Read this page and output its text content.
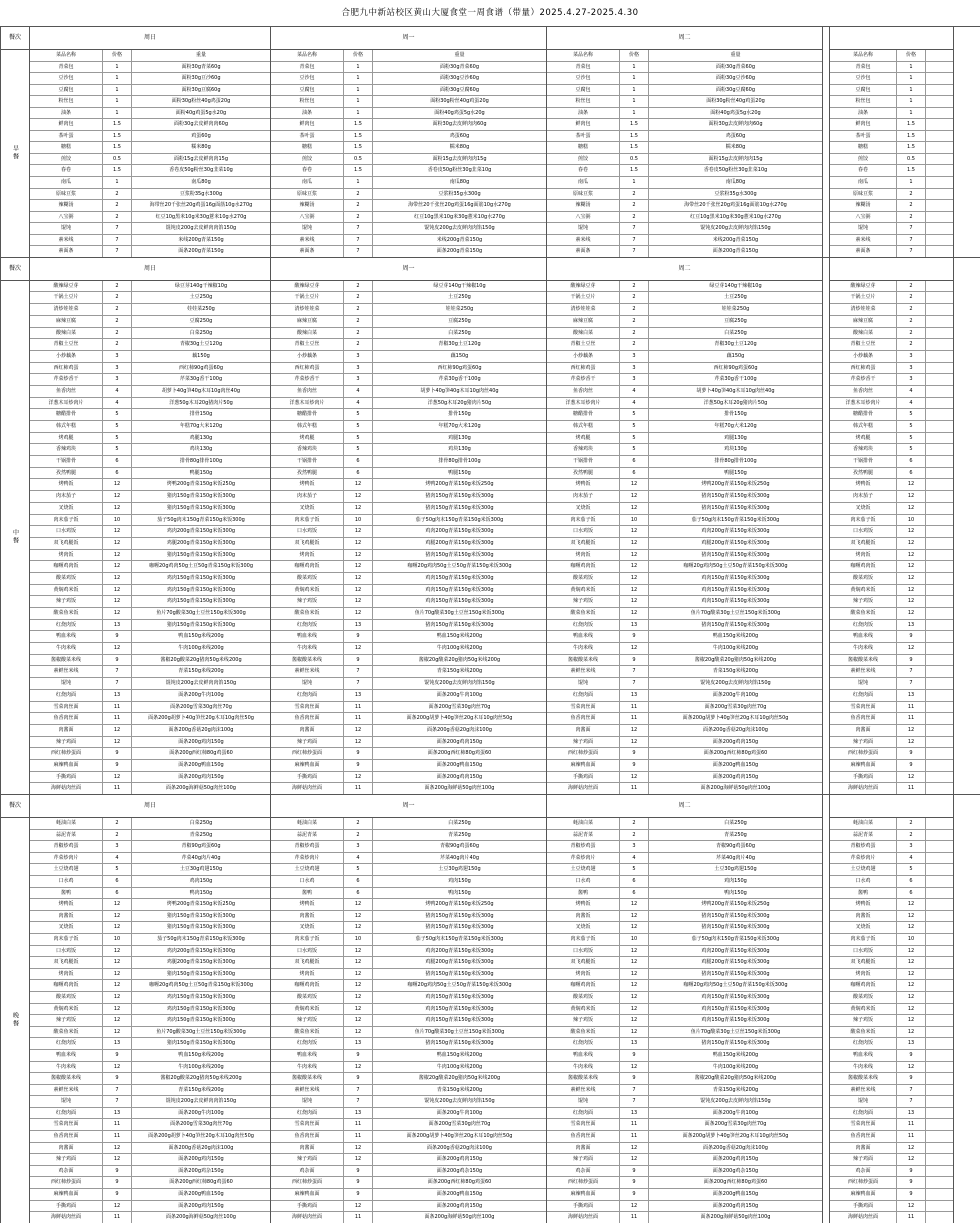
合肥九中新站校区黄山大厦食堂一周食谱（带量）2025.4.27-2025.4.30
餐次
早餐
周日
菜品名称	价格	重量
青菜包	1	面粉30g青菜60g
豆沙包	1	面粉30g豆沙60g
豆腐包	1	面粉30g豆腐60g
粉丝包	1	面粉30g粉丝40g鸡蛋20g
油条	1	面粉40g鸡蛋5g水20g
鲜肉包	1.5	面粉30g去皮鲜肉肉60g
茶叶蛋	1.5	鸡蛋60g
糖糕	1.5	糯米80g
煎饺	0.5	面粉15g去皮鲜肉肉15g
春卷	1.5	香卷皮50g粉丝30g韭菜10g
南瓜	1	南瓜80g
原味豆浆	2	豆浆粉35g水300g
辣糊汤	2	海带丝20千张丝20g鸡蛋16g面筋10g水270g
八宝粥	2	红豆10g黑米10g米30g薏米10g水270g
馄饨	7	馄饨皮200g去皮鲜肉肉馅150g
素米线	7	米线200g青菜150g
素面条	7	面条200g青菜150g
周一
菜品名称	价格	重量
青菜包	1	面粉30g青菜60g
豆沙包	1	面粉30g豆沙60g
豆腐包	1	面粉30g豆腐60g
粉丝包	1	面粉30g粉丝40g鸡蛋20g
油条	1	面粉40g鸡蛋5g水20g
鲜肉包	1.5	面粉30g去皮鲜肉肉60g
茶叶蛋	1.5	鸡蛋60g
糖糕	1.5	糯米80g
煎饺	0.5	面粉15g去皮鲜肉肉15g
春卷	1.5	香卷皮50g粉丝30g韭菜10g
南瓜	1	南瓜80g
原味豆浆	2	豆浆粉35g水300g
辣糊汤	2	海带丝20千张丝20g鸡蛋16g面筋10g水270g
八宝粥	2	红豆10g黑米10g米30g薏米10g水270g
馄饨	7	馄饨皮200g去皮鲜肉肉馅150g
素米线	7	米线200g青菜150g
素面条	7	面条200g青菜150g
周二
菜品名称	价格	重量
青菜包	1	面粉30g青菜60g
豆沙包	1	面粉30g豆沙60g
豆腐包	1	面粉30g豆腐60g
粉丝包	1	面粉30g粉丝40g鸡蛋20g
油条	1	面粉40g鸡蛋5g水20g
鲜肉包	1.5	面粉30g去皮鲜肉肉60g
茶叶蛋	1.5	鸡蛋60g
糖糕	1.5	糯米80g
煎饺	0.5	面粉15g去皮鲜肉肉15g
春卷	1.5	香卷皮50g粉丝30g韭菜10g
南瓜	1	南瓜80g
原味豆浆	2	豆浆粉35g水300g
辣糊汤	2	海带丝20千张丝20g鸡蛋16g面筋10g水270g
八宝粥	2	红豆10g黑米10g米30g薏米10g水270g
馄饨	7	馄饨皮200g去皮鲜肉肉馅150g
素米线	7	米线200g青菜150g
素面条	7	面条200g青菜150g
菜品名称	价格
青菜包	1
豆沙包	1
豆腐包	1
粉丝包	1
油条	1
鲜肉包	1.5
茶叶蛋	1.5
糖糕	1.5
煎饺	0.5
春卷	1.5
南瓜	1
原味豆浆	2
辣糊汤	2
八宝粥	2
馄饨	7
素米线	7
素面条	7
餐次
中餐
周日
酸辣绿豆芽	2	绿豆芽140g干辣椒10g
干锅土豆片	2	土豆250g
清炒娃娃菜	2	娃娃菜250g
麻辣豆腐	2	豆腐250g
酸辣白菜	2	白菜250g
青椒土豆丝	2	青椒30g土豆120g
小炒藕条	3	藕150g
西红柿鸡蛋	3	西红柿90g鸡蛋60g
芹菜炒香干	3	芹菜30g香干100g
鱼香肉丝	4	胡萝卜40g笋40g木耳10g肉丝40g
洋葱木耳炒肉片	4	洋葱50g木耳20g猪肉片50g
糖醋排骨	5	排骨150g
韩式年糕	5	年糕70g大米120g
烤鸡腿	5	鸡腿130g
香辣鸡块	5	鸡块130g
干锅排骨	6	排骨80g排骨100g
孜然鸭腿	6	鸭腿150g
烤鸭饭	12	烤鸭200g青菜150g米饭250g
肉末茄子	12	猪肉150g青菜150g米饭300g
叉烧饭	12	猪肉150g青菜150g米饭300g
肉末茄子饭	10	茄子50g肉末150g青菜150g米饭300g
口水鸡饭	12	鸡肉200g青菜150g米饭300g
双飞鸡腿饭	12	鸡腿200g青菜150g米饭300g
烤肉饭	12	猪肉150g青菜150g米饭300g
咖喱鸡肉饭	12	咖喱20g鸡肉50g土豆50g青菜150g米饭300g
酸菜鸡饭	12	鸡肉150g青菜150g米饭300g
黄焖鸡米饭	12	鸡肉150g青菜150g米饭300g
辣子鸡饭	12	鸡肉150g青菜150g米饭300g
酸菜鱼米饭	12	鱼片70g酸菜30g土豆丝150g米饭300g
红烧肉饭	13	猪肉150g青菜150g米饭300g
鸭血米线	9	鸭血150g米线200g
牛肉米线	12	牛肉100g米线200g
酱椒酸菜米线	9	酱椒20g酸菜20g猪肉50g米线200g
素鲜丝米线	7	青菜150g米线200g
馄饨	7	馄饨皮200g去皮鲜肉肉馅150g
红烧肉面	13	面条200g牛肉100g
雪菜肉丝面	11	面条200g雪菜30g肉丝70g
鱼香肉丝面	11	面条200g胡萝卜40g笋丝20g木耳10g肉丝50g
肉酱面	12	面条200g香菇20g肉沫100g
辣子鸡面	12	面条200g鸡肉150g
西红柿炒蛋面	9	面条200g西红柿80g鸡蛋60
麻辣鸭血面	9	面条200g鸭血150g
手撕鸡面	12	面条200g鸡肉150g
海鲜菇肉丝面	11	面条200g海鲜菇50g肉丝100g
周一
酸辣绿豆芽	2	绿豆芽140g干辣椒10g
干锅土豆片	2	土豆250g
清炒娃娃菜	2	娃娃菜250g
麻辣豆腐	2	豆腐250g
酸辣白菜	2	白菜250g
青椒土豆丝	2	青椒30g土豆120g
小炒藕条	3	藕150g
西红柿鸡蛋	3	西红柿90g鸡蛋60g
芹菜炒香干	3	芹菜30g香干100g
鱼香肉丝	4	胡萝卜40g笋40g木耳10g肉丝40g
洋葱木耳炒肉片	4	洋葱50g木耳20g猪肉片50g
糖醋排骨	5	排骨150g
韩式年糕	5	年糕70g大米120g
烤鸡腿	5	鸡腿130g
香辣鸡块	5	鸡块130g
干锅排骨	6	排骨80g排骨100g
孜然鸭腿	6	鸭腿150g
烤鸭饭	12	烤鸭200g青菜150g米饭250g
肉末茄子	12	猪肉150g青菜150g米饭300g
叉烧饭	12	猪肉150g青菜150g米饭300g
肉末茄子饭	10	茄子50g肉末150g青菜150g米饭300g
口水鸡饭	12	鸡肉200g青菜150g米饭300g
双飞鸡腿饭	12	鸡腿200g青菜150g米饭300g
烤肉饭	12	猪肉150g青菜150g米饭300g
咖喱鸡肉饭	12	咖喱20g鸡肉50g土豆50g青菜150g米饭300g
酸菜鸡饭	12	鸡肉150g青菜150g米饭300g
黄焖鸡米饭	12	鸡肉150g青菜150g米饭300g
辣子鸡饭	12	鸡肉150g青菜150g米饭300g
酸菜鱼米饭	12	鱼片70g酸菜30g土豆丝150g米饭300g
红烧肉饭	13	猪肉150g青菜150g米饭300g
鸭血米线	9	鸭血150g米线200g
牛肉米线	12	牛肉100g米线200g
酱椒酸菜米线	9	酱椒20g酸菜20g猪肉50g米线200g
素鲜丝米线	7	青菜150g米线200g
馄饨	7	馄饨皮200g去皮鲜肉肉馅150g
红烧肉面	13	面条200g牛肉100g
雪菜肉丝面	11	面条200g雪菜30g肉丝70g
鱼香肉丝面	11	面条200g胡萝卜40g笋丝20g木耳10g肉丝50g
肉酱面	12	面条200g香菇20g肉沫100g
辣子鸡面	12	面条200g鸡肉150g
西红柿炒蛋面	9	面条200g西红柿80g鸡蛋60
麻辣鸭血面	9	面条200g鸭血150g
手撕鸡面	12	面条200g鸡肉150g
海鲜菇肉丝面	11	面条200g海鲜菇50g肉丝100g
周二
酸辣绿豆芽	2	绿豆芽140g干辣椒10g
干锅土豆片	2	土豆250g
清炒娃娃菜	2	娃娃菜250g
麻辣豆腐	2	豆腐250g
酸辣白菜	2	白菜250g
青椒土豆丝	2	青椒30g土豆120g
小炒藕条	3	藕150g
西红柿鸡蛋	3	西红柿90g鸡蛋60g
芹菜炒香干	3	芹菜30g香干100g
鱼香肉丝	4	胡萝卜40g笋40g木耳10g肉丝40g
洋葱木耳炒肉片	4	洋葱50g木耳20g猪肉片50g
糖醋排骨	5	排骨150g
韩式年糕	5	年糕70g大米120g
烤鸡腿	5	鸡腿130g
香辣鸡块	5	鸡块130g
干锅排骨	6	排骨80g排骨100g
孜然鸭腿	6	鸭腿150g
烤鸭饭	12	烤鸭200g青菜150g米饭250g
肉末茄子	12	猪肉150g青菜150g米饭300g
叉烧饭	12	猪肉150g青菜150g米饭300g
肉末茄子饭	10	茄子50g肉末150g青菜150g米饭300g
口水鸡饭	12	鸡肉200g青菜150g米饭300g
双飞鸡腿饭	12	鸡腿200g青菜150g米饭300g
烤肉饭	12	猪肉150g青菜150g米饭300g
咖喱鸡肉饭	12	咖喱20g鸡肉50g土豆50g青菜150g米饭300g
酸菜鸡饭	12	鸡肉150g青菜150g米饭300g
黄焖鸡米饭	12	鸡肉150g青菜150g米饭300g
辣子鸡饭	12	鸡肉150g青菜150g米饭300g
酸菜鱼米饭	12	鱼片70g酸菜30g土豆丝150g米饭300g
红烧肉饭	13	猪肉150g青菜150g米饭300g
鸭血米线	9	鸭血150g米线200g
牛肉米线	12	牛肉100g米线200g
酱椒酸菜米线	9	酱椒20g酸菜20g猪肉50g米线200g
素鲜丝米线	7	青菜150g米线200g
馄饨	7	馄饨皮200g去皮鲜肉肉馅150g
红烧肉面	13	面条200g牛肉100g
雪菜肉丝面	11	面条200g雪菜30g肉丝70g
鱼香肉丝面	11	面条200g胡萝卜40g笋丝20g木耳10g肉丝50g
肉酱面	12	面条200g香菇20g肉沫100g
辣子鸡面	12	面条200g鸡肉150g
西红柿炒蛋面	9	面条200g西红柿80g鸡蛋60
麻辣鸭血面	9	面条200g鸭血150g
手撕鸡面	12	面条200g鸡肉150g
海鲜菇肉丝面	11	面条200g海鲜菇50g肉丝100g
酸辣绿豆芽	2
干锅土豆片	2
清炒娃娃菜	2
麻辣豆腐	2
酸辣白菜	2
青椒土豆丝	2
小炒藕条	3
西红柿鸡蛋	3
芹菜炒香干	3
鱼香肉丝	4
洋葱木耳炒肉片	4
糖醋排骨	5
韩式年糕	5
烤鸡腿	5
香辣鸡块	5
干锅排骨	6
孜然鸭腿	6
烤鸭饭	12
肉末茄子	12
叉烧饭	12
肉末茄子饭	10
口水鸡饭	12
双飞鸡腿饭	12
烤肉饭	12
咖喱鸡肉饭	12
酸菜鸡饭	12
黄焖鸡米饭	12
辣子鸡饭	12
酸菜鱼米饭	12
红烧肉饭	13
鸭血米线	9
牛肉米线	12
酱椒酸菜米线	9
素鲜丝米线	7
馄饨	7
红烧肉面	13
雪菜肉丝面	11
鱼香肉丝面	11
肉酱面	12
辣子鸡面	12
西红柿炒蛋面	9
麻辣鸭血面	9
手撕鸡面	12
海鲜菇肉丝面	11
餐次
晚餐
周日
蚝油白菜	2	白菜250g
蒜泥青菜	2	青菜250g
青椒炒鸡蛋	3	青椒90g鸡蛋60g
芹菜炒肉片	4	芹菜40g肉片40g
土豆烧鸡翅	5	土豆30g鸡翅150g
口水鸡	6	鸡肉150g
酱鸭	6	鸭肉150g
烤鸭饭	12	烤鸭200g青菜150g米饭250g
肉酱饭	12	猪肉150g青菜150g米饭300g
叉烧饭	12	猪肉150g青菜150g米饭300g
肉末茄子饭	10	茄子50g肉末150g青菜150g米饭300g
口水鸡饭	12	鸡肉200g青菜150g米饭300g
双飞鸡腿饭	12	鸡腿200g青菜150g米饭300g
烤肉饭	12	猪肉150g青菜150g米饭300g
咖喱鸡肉饭	12	咖喱20g鸡肉50g土豆50g青菜150g米饭300g
酸菜鸡饭	12	鸡肉150g青菜150g米饭300g
黄焖鸡米饭	12	鸡肉150g青菜150g米饭300g
辣子鸡饭	12	鸡肉150g青菜150g米饭300g
酸菜鱼米饭	12	鱼片70g酸菜30g土豆丝150g米饭300g
红烧肉饭	13	猪肉150g青菜150g米饭300g
鸭血米线	9	鸭血150g米线200g
牛肉米线	12	牛肉100g米线200g
酱椒酸菜米线	9	酱椒20g酸菜20g猪肉50g米线200g
素鲜丝米线	7	青菜150g米线200g
馄饨	7	馄饨皮200g去皮鲜肉肉馅150g
红烧肉面	13	面条200g牛肉100g
雪菜肉丝面	11	面条200g雪菜30g肉丝70g
鱼香肉丝面	11	面条200g胡萝卜40g笋丝20g木耳10g肉丝50g
肉酱面	12	面条200g香菇20g肉沫100g
辣子鸡面	12	面条200g鸡肉150g
鸡杂面	9	面条200g鸡杂150g
西红柿炒蛋面	9	面条200g西红柿80g鸡蛋60
麻辣鸭血面	9	面条200g鸭血150g
手撕鸡面	12	面条200g鸡肉150g
海鲜菇肉丝面	11	面条200g海鲜菇50g肉丝100g
周一
蚝油白菜	2	白菜250g
蒜泥青菜	2	青菜250g
青椒炒鸡蛋	3	青椒90g鸡蛋60g
芹菜炒肉片	4	芹菜40g肉片40g
土豆烧鸡翅	5	土豆30g鸡翅150g
口水鸡	6	鸡肉150g
酱鸭	6	鸭肉150g
烤鸭饭	12	烤鸭200g青菜150g米饭250g
肉酱饭	12	猪肉150g青菜150g米饭300g
叉烧饭	12	猪肉150g青菜150g米饭300g
肉末茄子饭	10	茄子50g肉末150g青菜150g米饭300g
口水鸡饭	12	鸡肉200g青菜150g米饭300g
双飞鸡腿饭	12	鸡腿200g青菜150g米饭300g
烤肉饭	12	猪肉150g青菜150g米饭300g
咖喱鸡肉饭	12	咖喱20g鸡肉50g土豆50g青菜150g米饭300g
酸菜鸡饭	12	鸡肉150g青菜150g米饭300g
黄焖鸡米饭	12	鸡肉150g青菜150g米饭300g
辣子鸡饭	12	鸡肉150g青菜150g米饭300g
酸菜鱼米饭	12	鱼片70g酸菜30g土豆丝150g米饭300g
红烧肉饭	13	猪肉150g青菜150g米饭300g
鸭血米线	9	鸭血150g米线200g
牛肉米线	12	牛肉100g米线200g
酱椒酸菜米线	9	酱椒20g酸菜20g猪肉50g米线200g
素鲜丝米线	7	青菜150g米线200g
馄饨	7	馄饨皮200g去皮鲜肉肉馅150g
红烧肉面	13	面条200g牛肉100g
雪菜肉丝面	11	面条200g雪菜30g肉丝70g
鱼香肉丝面	11	面条200g胡萝卜40g笋丝20g木耳10g肉丝50g
肉酱面	12	面条200g香菇20g肉沫100g
辣子鸡面	12	面条200g鸡肉150g
鸡杂面	9	面条200g鸡杂150g
西红柿炒蛋面	9	面条200g西红柿80g鸡蛋60
麻辣鸭血面	9	面条200g鸭血150g
手撕鸡面	12	面条200g鸡肉150g
海鲜菇肉丝面	11	面条200g海鲜菇50g肉丝100g
周二
蚝油白菜	2	白菜250g
蒜泥青菜	2	青菜250g
青椒炒鸡蛋	3	青椒90g鸡蛋60g
芹菜炒肉片	4	芹菜40g肉片40g
土豆烧鸡翅	5	土豆30g鸡翅150g
口水鸡	6	鸡肉150g
酱鸭	6	鸭肉150g
烤鸭饭	12	烤鸭200g青菜150g米饭250g
肉酱饭	12	猪肉150g青菜150g米饭300g
叉烧饭	12	猪肉150g青菜150g米饭300g
肉末茄子饭	10	茄子50g肉末150g青菜150g米饭300g
口水鸡饭	12	鸡肉200g青菜150g米饭300g
双飞鸡腿饭	12	鸡腿200g青菜150g米饭300g
烤肉饭	12	猪肉150g青菜150g米饭300g
咖喱鸡肉饭	12	咖喱20g鸡肉50g土豆50g青菜150g米饭300g
酸菜鸡饭	12	鸡肉150g青菜150g米饭300g
黄焖鸡米饭	12	鸡肉150g青菜150g米饭300g
辣子鸡饭	12	鸡肉150g青菜150g米饭300g
酸菜鱼米饭	12	鱼片70g酸菜30g土豆丝150g米饭300g
红烧肉饭	13	猪肉150g青菜150g米饭300g
鸭血米线	9	鸭血150g米线200g
牛肉米线	12	牛肉100g米线200g
酱椒酸菜米线	9	酱椒20g酸菜20g猪肉50g米线200g
素鲜丝米线	7	青菜150g米线200g
馄饨	7	馄饨皮200g去皮鲜肉肉馅150g
红烧肉面	13	面条200g牛肉100g
雪菜肉丝面	11	面条200g雪菜30g肉丝70g
鱼香肉丝面	11	面条200g胡萝卜40g笋丝20g木耳10g肉丝50g
肉酱面	12	面条200g香菇20g肉沫100g
辣子鸡面	12	面条200g鸡肉150g
鸡杂面	9	面条200g鸡杂150g
西红柿炒蛋面	9	面条200g西红柿80g鸡蛋60
麻辣鸭血面	9	面条200g鸭血150g
手撕鸡面	12	面条200g鸡肉150g
海鲜菇肉丝面	11	面条200g海鲜菇50g肉丝100g
蚝油白菜	2
蒜泥青菜	2
青椒炒鸡蛋	3
芹菜炒肉片	4
土豆烧鸡翅	5
口水鸡	6
酱鸭	6
烤鸭饭	12
肉酱饭	12
叉烧饭	12
肉末茄子饭	10
口水鸡饭	12
双飞鸡腿饭	12
烤肉饭	12
咖喱鸡肉饭	12
酸菜鸡饭	12
黄焖鸡米饭	12
辣子鸡饭	12
酸菜鱼米饭	12
红烧肉饭	13
鸭血米线	9
牛肉米线	12
酱椒酸菜米线	9
素鲜丝米线	7
馄饨	7
红烧肉面	13
雪菜肉丝面	11
鱼香肉丝面	11
肉酱面	12
辣子鸡面	12
鸡杂面	9
西红柿炒蛋面	9
麻辣鸭血面	9
手撕鸡面	12
海鲜菇肉丝面	11
